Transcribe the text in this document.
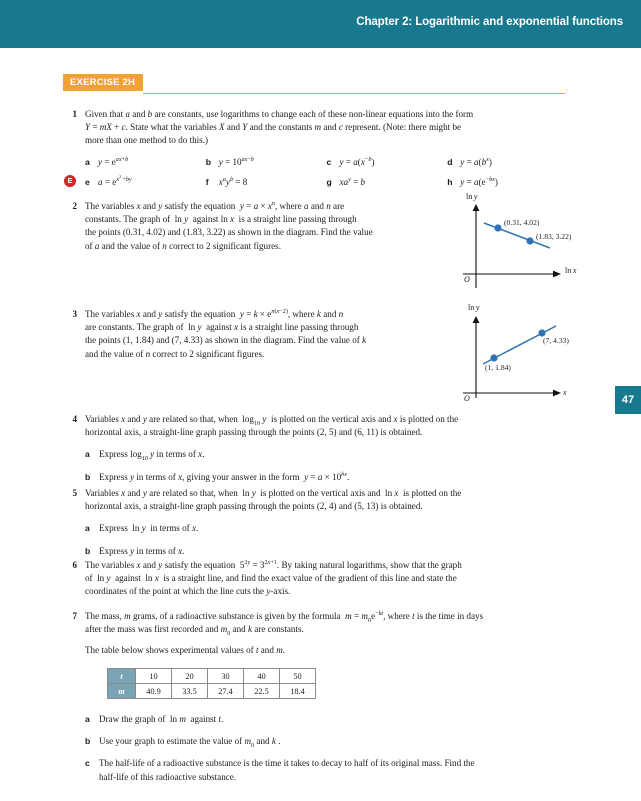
Chapter 2: Logarithmic and exponential functions
47
EXERCISE 2H
1 Given that a and b are constants, use logarithms to change each of these non-linear equations into the form

Y = mX + c. State what the variables X and Y and the constants m and c represent. (Note: there might be

more than one method to do this.)

a $y = e^{ax+b}$	b $y = 10^{ax-b}$	c $y = a(x^{-b})$	d $y = a(b^x)$
E	e $a = e^{x^2 +by}$	f	$x^ay^b = 8$	g $xa^y = b$	h $y = a(e^{-bx})$
2 The variables x and y satisfy the equation  $y = a \times x^n$, where a and n are

constants. The graph of  ln y  against ln x  is a straight line passing through

the points (0.31, 4.02) and (1.83, 3.22) as shown in the diagram. Find the value

of a and the value of n correct to 2 significant figures.

ln y
ln x
O
(0.31, 4.02)
(1.83, 3.22)
3 The variables x and y satisfy the equation  $y = k \times e^{n(x-2)}$, where k and n

are constants. The graph of  ln y  against x is a straight line passing through

the points (1, 1.84) and (7, 4.33) as shown in the diagram. Find the value of k

and the value of n correct to 2 significant figures.

ln y
x
O
(1, 1.84)
(7, 4.33)
4 Variables x and y are related so that, when  $\log_{10} y$  is plotted on the vertical axis and x is plotted on the

horizontal axis, a straight-line graph passing through the points (2, 5) and (6, 11) is obtained.

a	Express $\log_{10} y$ in terms of x.
b Express y in terms of x, giving your answer in the form  $y = a \times 10^{bx}$.
5 Variables x and y are related so that, when  ln y  is plotted on the vertical axis and  ln x  is plotted on the

horizontal axis, a straight-line graph passing through the points (2, 4) and (5, 13) is obtained.

a	Express  ln y  in terms of x.
b Express y in terms of x.
6 The variables x and y satisfy the equation  $5^{2y} = 3^{2x+1}$. By taking natural logarithms, show that the graph

of  ln y  against  ln x  is a straight line, and find the exact value of the gradient of this line and state the

coordinates of the point at which the line cuts the y-axis.

7 The mass, m grams, of a radioactive substance is given by the formula  $m = m_0e^{-kt}$, where t is the time in days

after the mass was first recorded and $m_0$ and k are constants.

The table below shows experimental values of t and m.

t	10	20	30	40	50
m	40.9	33.5	27.4	22.5	18.4
a	Draw the graph of  ln m  against t.
b Use your graph to estimate the value of $m_0$ and k .
c	The half-life of a radioactive substance is the time it takes to decay to half of its original mass. Find the
half-life of this radioactive substance.
